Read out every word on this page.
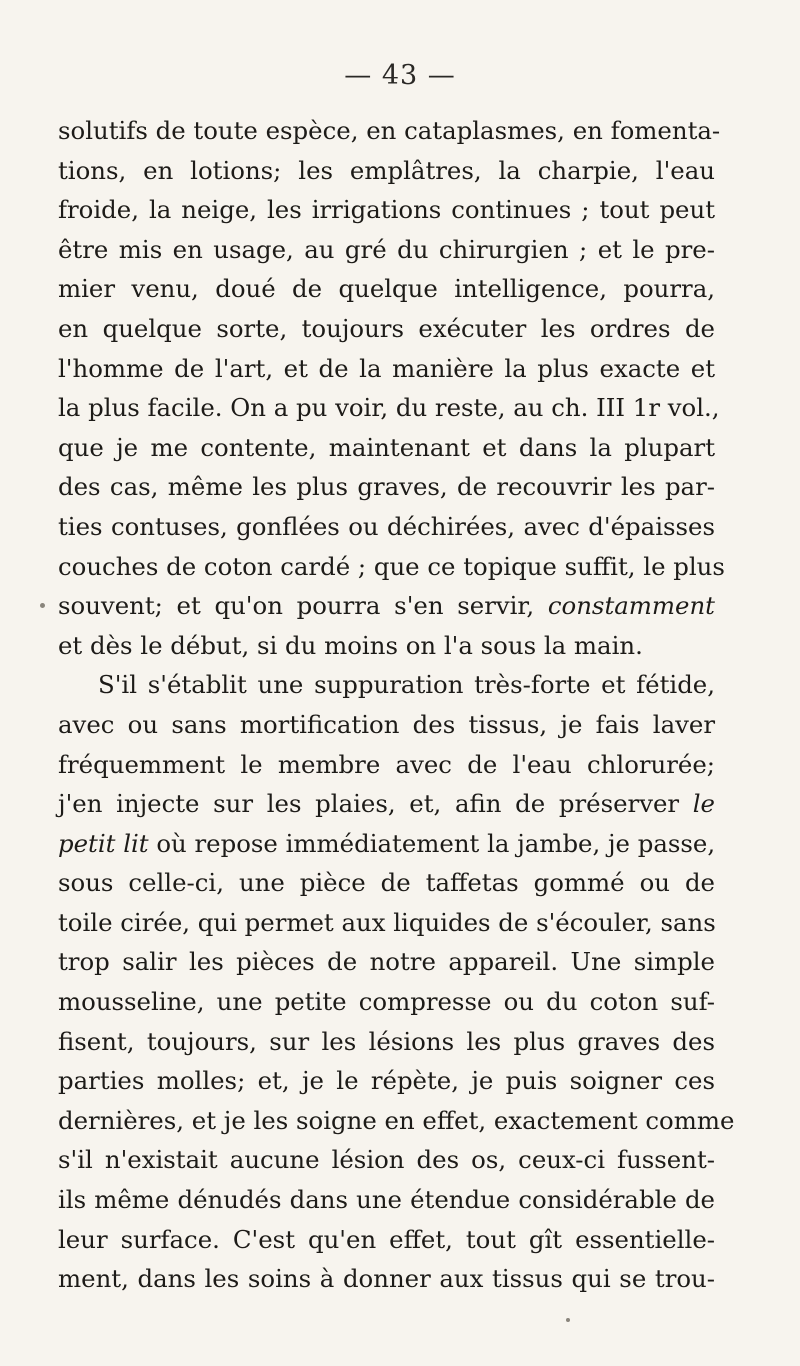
— 43 —
solutifs de toute espèce, en cataplasmes, en fomenta-
tions, en lotions; les emplâtres, la charpie, l'eau
froide, la neige, les irrigations continues ; tout peut
être mis en usage, au gré du chirurgien ; et le pre-
mier venu, doué de quelque intelligence, pourra,
en quelque sorte, toujours exécuter les ordres de
l'homme de l'art, et de la manière la plus exacte et
la plus facile. On a pu voir, du reste, au ch. III 1r vol.,
que je me contente, maintenant et dans la plupart
des cas, même les plus graves, de recouvrir les par-
ties contuses, gonflées ou déchirées, avec d'épaisses
couches de coton cardé ; que ce topique suffit, le plus
souvent; et qu'on pourra s'en servir, constamment
et dès le début, si du moins on l'a sous la main.
S'il s'établit une suppuration très-forte et fétide,
avec ou sans mortification des tissus, je fais laver
fréquemment le membre avec de l'eau chlorurée;
j'en injecte sur les plaies, et, afin de préserver le
petit lit où repose immédiatement la jambe, je passe,
sous celle-ci, une pièce de taffetas gommé ou de
toile cirée, qui permet aux liquides de s'écouler, sans
trop salir les pièces de notre appareil. Une simple
mousseline, une petite compresse ou du coton suf-
fisent, toujours, sur les lésions les plus graves des
parties molles; et, je le répète, je puis soigner ces
dernières, et je les soigne en effet, exactement comme
s'il n'existait aucune lésion des os, ceux-ci fussent-
ils même dénudés dans une étendue considérable de
leur surface. C'est qu'en effet, tout gît essentielle-
ment, dans les soins à donner aux tissus qui se trou-
